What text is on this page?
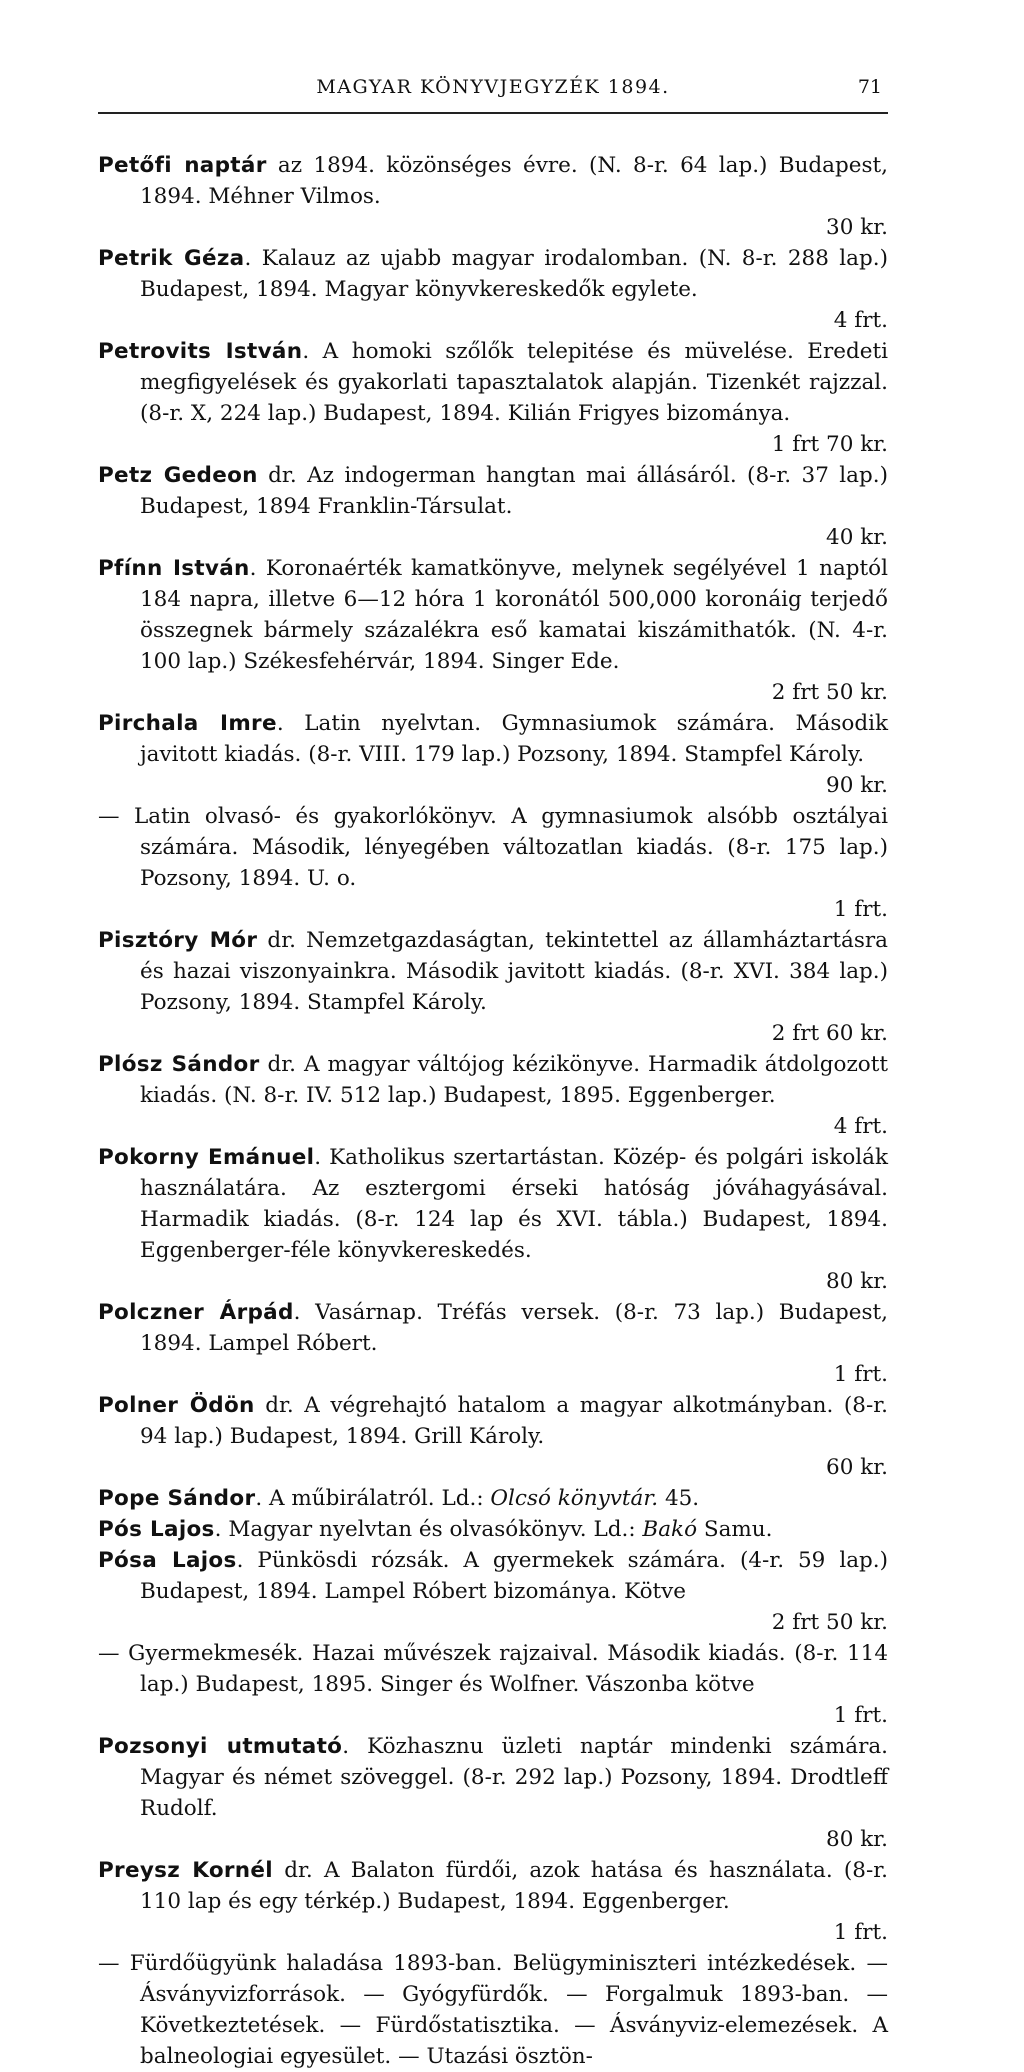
MAGYAR KÖNYVJEGYZÉK 1894.	71
Petőfi naptár az 1894. közönséges évre. (N. 8-r. 64 lap.) Budapest, 1894. Méhner Vilmos.
30 kr.
Petrik Géza. Kalauz az ujabb magyar irodalomban. (N. 8-r. 288 lap.) Budapest, 1894. Magyar könyvkereskedők egylete.
4 frt.
Petrovits István. A homoki szőlők telepitése és müvelése. Eredeti megfigyelések és gyakorlati tapasztalatok alapján. Tizenkét rajzzal. (8-r. X, 224 lap.) Budapest, 1894. Kilián Frigyes bizománya.
1 frt 70 kr.
Petz Gedeon dr. Az indogerman hangtan mai állásáról. (8-r. 37 lap.) Budapest, 1894 Franklin-Társulat.
40 kr.
Pfínn István. Koronaérték kamatkönyve, melynek segélyével 1 naptól 184 napra, illetve 6—12 hóra 1 koronától 500,000 koronáig terjedő összegnek bármely százalékra eső kamatai kiszámithatók. (N. 4-r. 100 lap.) Székesfehérvár, 1894. Singer Ede.
2 frt 50 kr.
Pirchala Imre. Latin nyelvtan. Gymnasiumok számára. Második javitott kiadás. (8-r. VIII. 179 lap.) Pozsony, 1894. Stampfel Károly.
90 kr.
— Latin olvasó- és gyakorlókönyv. A gymnasiumok alsóbb osztályai számára. Második, lényegében változatlan kiadás. (8-r. 175 lap.) Pozsony, 1894. U. o.
1 frt.
Pisztóry Mór dr. Nemzetgazdaságtan, tekintettel az államháztartásra és hazai viszonyainkra. Második javitott kiadás. (8-r. XVI. 384 lap.) Pozsony, 1894. Stampfel Károly.
2 frt 60 kr.
Plósz Sándor dr. A magyar váltójog kézikönyve. Harmadik átdolgozott kiadás. (N. 8-r. IV. 512 lap.) Budapest, 1895. Eggenberger.
4 frt.
Pokorny Emánuel. Katholikus szertartástan. Közép- és polgári iskolák használatára. Az esztergomi érseki hatóság jóváhagyásával. Harmadik kiadás. (8-r. 124 lap és XVI. tábla.) Budapest, 1894. Eggenberger-féle könyvkereskedés.
80 kr.
Polczner Árpád. Vasárnap. Tréfás versek. (8-r. 73 lap.) Budapest, 1894. Lampel Róbert.
1 frt.
Polner Ödön dr. A végrehajtó hatalom a magyar alkotmányban. (8-r. 94 lap.) Budapest, 1894. Grill Károly.
60 kr.
Pope Sándor. A műbirálatról. Ld.: Olcsó könyvtár. 45.
Pós Lajos. Magyar nyelvtan és olvasókönyv. Ld.: Bakó Samu.
Pósa Lajos. Pünkösdi rózsák. A gyermekek számára. (4-r. 59 lap.) Budapest, 1894. Lampel Róbert bizománya. Kötve
2 frt 50 kr.
— Gyermekmesék. Hazai művészek rajzaival. Második kiadás. (8-r. 114 lap.) Budapest, 1895. Singer és Wolfner. Vászonba kötve
1 frt.
Pozsonyi utmutató. Közhasznu üzleti naptár mindenki számára. Magyar és német szöveggel. (8-r. 292 lap.) Pozsony, 1894. Drodtleff Rudolf.
80 kr.
Preysz Kornél dr. A Balaton fürdői, azok hatása és használata. (8-r. 110 lap és egy térkép.) Budapest, 1894. Eggenberger.
1 frt.
— Fürdőügyünk haladása 1893-ban. Belügyminiszteri intézkedések. — Ásványvizforrások. — Gyógyfürdők. — Forgalmuk 1893-ban. — Következtetések. — Fürdőstatisztika. — Ásványviz-elemezések. A balneologiai egyesület. — Utazási ösztön-
